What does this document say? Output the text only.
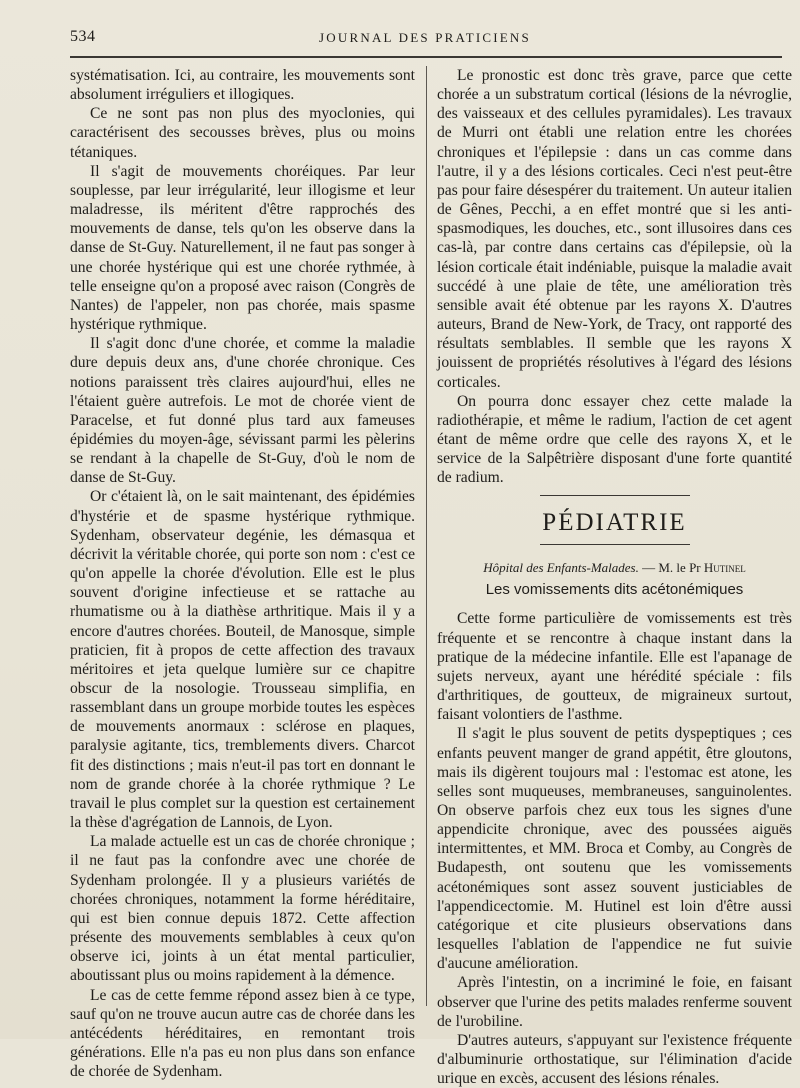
534	JOURNAL DES PRATICIENS

systématisation. Ici, au contraire, les mouvements sont absolument irréguliers et illogiques.

Ce ne sont pas non plus des myoclonies, qui caractérisent des secousses brèves, plus ou moins tétaniques.

Il s'agit de mouvements choréiques. Par leur souplesse, par leur irrégularité, leur illogisme et leur maladresse, ils méritent d'être rapprochés des mouvements de danse, tels qu'on les observe dans la danse de St-Guy. Naturellement, il ne faut pas songer à une chorée hystérique qui est une chorée rythmée, à telle enseigne qu'on a proposé avec raison (Congrès de Nantes) de l'appeler, non pas chorée, mais spasme hystérique rythmique.

Il s'agit donc d'une chorée, et comme la maladie dure depuis deux ans, d'une chorée chronique. Ces notions paraissent très claires aujourd'hui, elles ne l'étaient guère autrefois. Le mot de chorée vient de Paracelse, et fut donné plus tard aux fameuses épidémies du moyen-âge, sévissant parmi les pèlerins se rendant à la chapelle de St-Guy, d'où le nom de danse de St-Guy.

Or c'étaient là, on le sait maintenant, des épidémies d'hystérie et de spasme hystérique rythmique. Sydenham, observateur degénie, les démasqua et décrivit la véritable chorée, qui porte son nom : c'est ce qu'on appelle la chorée d'évolution. Elle est le plus souvent d'origine infectieuse et se rattache au rhumatisme ou à la diathèse arthritique. Mais il y a encore d'autres chorées. Bouteil, de Manosque, simple praticien, fit à propos de cette affection des travaux méritoires et jeta quelque lumière sur ce chapitre obscur de la nosologie. Trousseau simplifia, en rassemblant dans un groupe morbide toutes les espèces de mouvements anormaux : sclérose en plaques, paralysie agitante, tics, tremblements divers. Charcot fit des distinctions ; mais n'eut-il pas tort en donnant le nom de grande chorée à la chorée rythmique ? Le travail le plus complet sur la question est certainement la thèse d'agrégation de Lannois, de Lyon.

La malade actuelle est un cas de chorée chronique ; il ne faut pas la confondre avec une chorée de Sydenham prolongée. Il y a plusieurs variétés de chorées chroniques, notamment la forme héréditaire, qui est bien connue depuis 1872. Cette affection présente des mouvements semblables à ceux qu'on observe ici, joints à un état mental particulier, aboutissant plus ou moins rapidement à la démence.

Le cas de cette femme répond assez bien à ce type, sauf qu'on ne trouve aucun autre cas de chorée dans les antécédents héréditaires, en remontant trois générations. Elle n'a pas eu non plus dans son enfance de chorée de Sydenham.

Le pronostic est donc très grave, parce que cette chorée a un substratum cortical (lésions de la névroglie, des vaisseaux et des cellules pyramidales). Les travaux de Murri ont établi une relation entre les chorées chroniques et l'épilepsie : dans un cas comme dans l'autre, il y a des lésions corticales. Ceci n'est peut-être pas pour faire désespérer du traitement. Un auteur italien de Gênes, Pecchi, a en effet montré que si les anti-spasmodiques, les douches, etc., sont illusoires dans ces cas-là, par contre dans certains cas d'épilepsie, où la lésion corticale était indéniable, puisque la maladie avait succédé à une plaie de tête, une amélioration très sensible avait été obtenue par les rayons X. D'autres auteurs, Brand de New-York, de Tracy, ont rapporté des résultats semblables. Il semble que les rayons X jouissent de propriétés résolutives à l'égard des lésions corticales.

On pourra donc essayer chez cette malade la radiothérapie, et même le radium, l'action de cet agent étant de même ordre que celle des rayons X, et le service de la Salpêtrière disposant d'une forte quantité de radium.

PÉDIATRIE
Hôpital des Enfants-Malades. — M. le Pr Hutinel
Les vomissements dits acétonémiques

Cette forme particulière de vomissements est très fréquente et se rencontre à chaque instant dans la pratique de la médecine infantile. Elle est l'apanage de sujets nerveux, ayant une hérédité spéciale : fils d'arthritiques, de goutteux, de migraineux surtout, faisant volontiers de l'asthme.

Il s'agit le plus souvent de petits dyspeptiques ; ces enfants peuvent manger de grand appétit, être gloutons, mais ils digèrent toujours mal : l'estomac est atone, les selles sont muqueuses, membraneuses, sanguinolentes. On observe parfois chez eux tous les signes d'une appendicite chronique, avec des poussées aiguës intermittentes, et MM. Broca et Comby, au Congrès de Budapesth, ont soutenu que les vomissements acétonémiques sont assez souvent justiciables de l'appendicectomie. M. Hutinel est loin d'être aussi catégorique et cite plusieurs observations dans lesquelles l'ablation de l'appendice ne fut suivie d'aucune amélioration.

Après l'intestin, on a incriminé le foie, en faisant observer que l'urine des petits malades renferme souvent de l'urobiline.

D'autres auteurs, s'appuyant sur l'existence fréquente d'albuminurie orthostatique, sur l'élimination d'acide urique en excès, accusent des lésions rénales.
